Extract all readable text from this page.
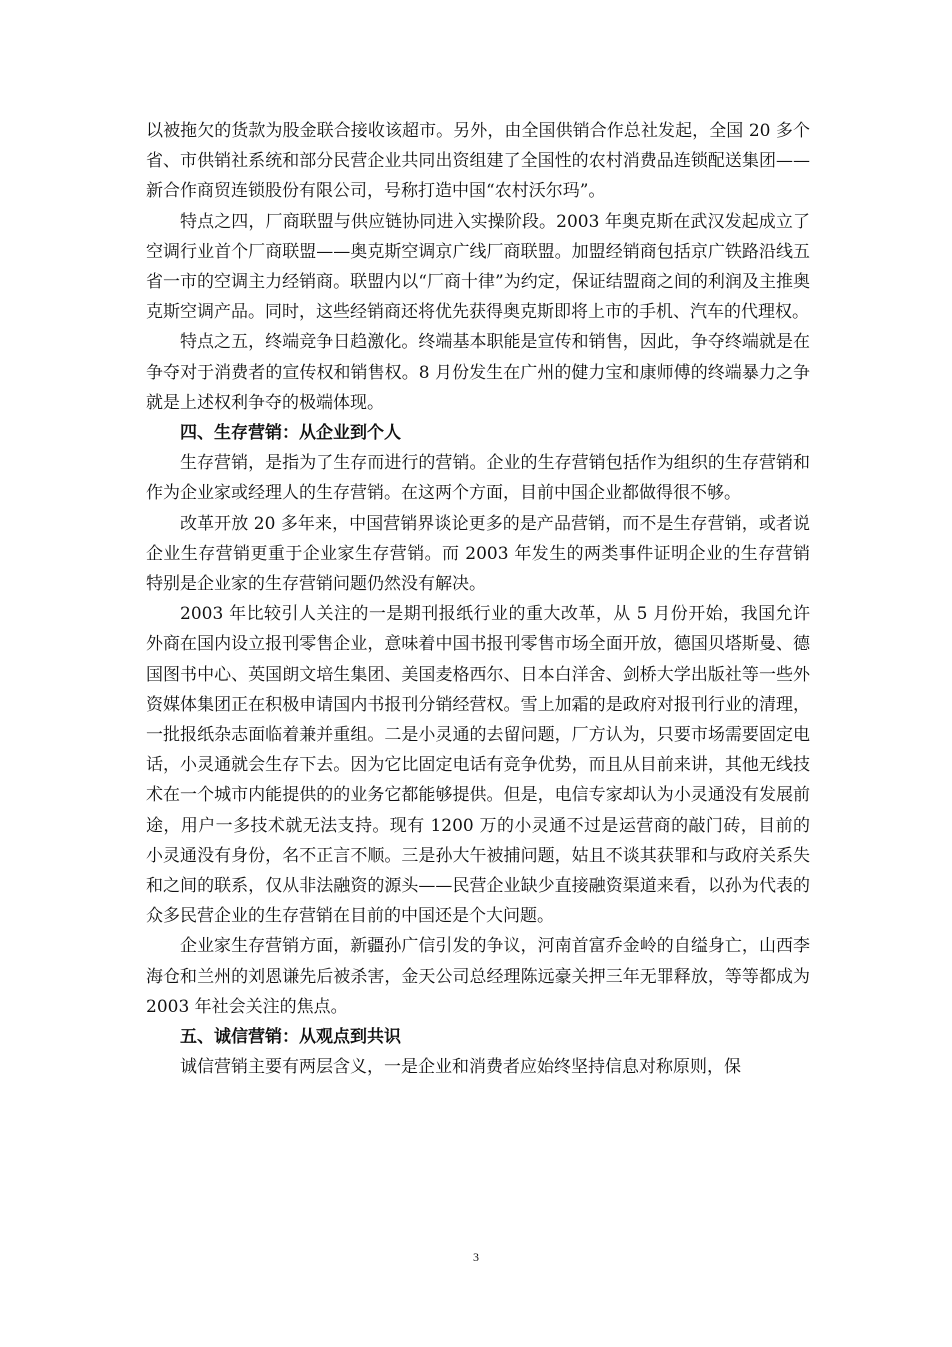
以被拖欠的货款为股金联合接收该超市。另外，由全国供销合作总社发起，全国 20 多个省、市供销社系统和部分民营企业共同出资组建了全国性的农村消费品连锁配送集团——新合作商贸连锁股份有限公司，号称打造中国“农村沃尔玛”。

特点之四，厂商联盟与供应链协同进入实操阶段。2003 年奥克斯在武汉发起成立了空调行业首个厂商联盟——奥克斯空调京广线厂商联盟。加盟经销商包括京广铁路沿线五省一市的空调主力经销商。联盟内以“厂商十律”为约定，保证结盟商之间的利润及主推奥克斯空调产品。同时，这些经销商还将优先获得奥克斯即将上市的手机、汽车的代理权。

特点之五，终端竞争日趋激化。终端基本职能是宣传和销售，因此，争夺终端就是在争夺对于消费者的宣传权和销售权。8 月份发生在广州的健力宝和康师傅的终端暴力之争就是上述权利争夺的极端体现。

四、生存营销：从企业到个人

生存营销，是指为了生存而进行的营销。企业的生存营销包括作为组织的生存营销和作为企业家或经理人的生存营销。在这两个方面，目前中国企业都做得很不够。

改革开放 20 多年来，中国营销界谈论更多的是产品营销，而不是生存营销，或者说企业生存营销更重于企业家生存营销。而 2003 年发生的两类事件证明企业的生存营销特别是企业家的生存营销问题仍然没有解决。

2003 年比较引人关注的一是期刊报纸行业的重大改革，从 5 月份开始，我国允许外商在国内设立报刊零售企业，意味着中国书报刊零售市场全面开放，德国贝塔斯曼、德国图书中心、英国朗文培生集团、美国麦格西尔、日本白洋舍、剑桥大学出版社等一些外资媒体集团正在积极申请国内书报刊分销经营权。雪上加霜的是政府对报刊行业的清理，一批报纸杂志面临着兼并重组。二是小灵通的去留问题，厂方认为，只要市场需要固定电话，小灵通就会生存下去。因为它比固定电话有竞争优势，而且从目前来讲，其他无线技术在一个城市内能提供的的业务它都能够提供。但是，电信专家却认为小灵通没有发展前途，用户一多技术就无法支持。现有 1200 万的小灵通不过是运营商的敲门砖，目前的小灵通没有身份，名不正言不顺。三是孙大午被捕问题，姑且不谈其获罪和与政府关系失和之间的联系，仅从非法融资的源头——民营企业缺少直接融资渠道来看，以孙为代表的众多民营企业的生存营销在目前的中国还是个大问题。

企业家生存营销方面，新疆孙广信引发的争议，河南首富乔金岭的自缢身亡，山西李海仓和兰州的刘恩谦先后被杀害，金天公司总经理陈远豪关押三年无罪释放，等等都成为 2003 年社会关注的焦点。

五、诚信营销：从观点到共识

诚信营销主要有两层含义，一是企业和消费者应始终坚持信息对称原则，保

3
